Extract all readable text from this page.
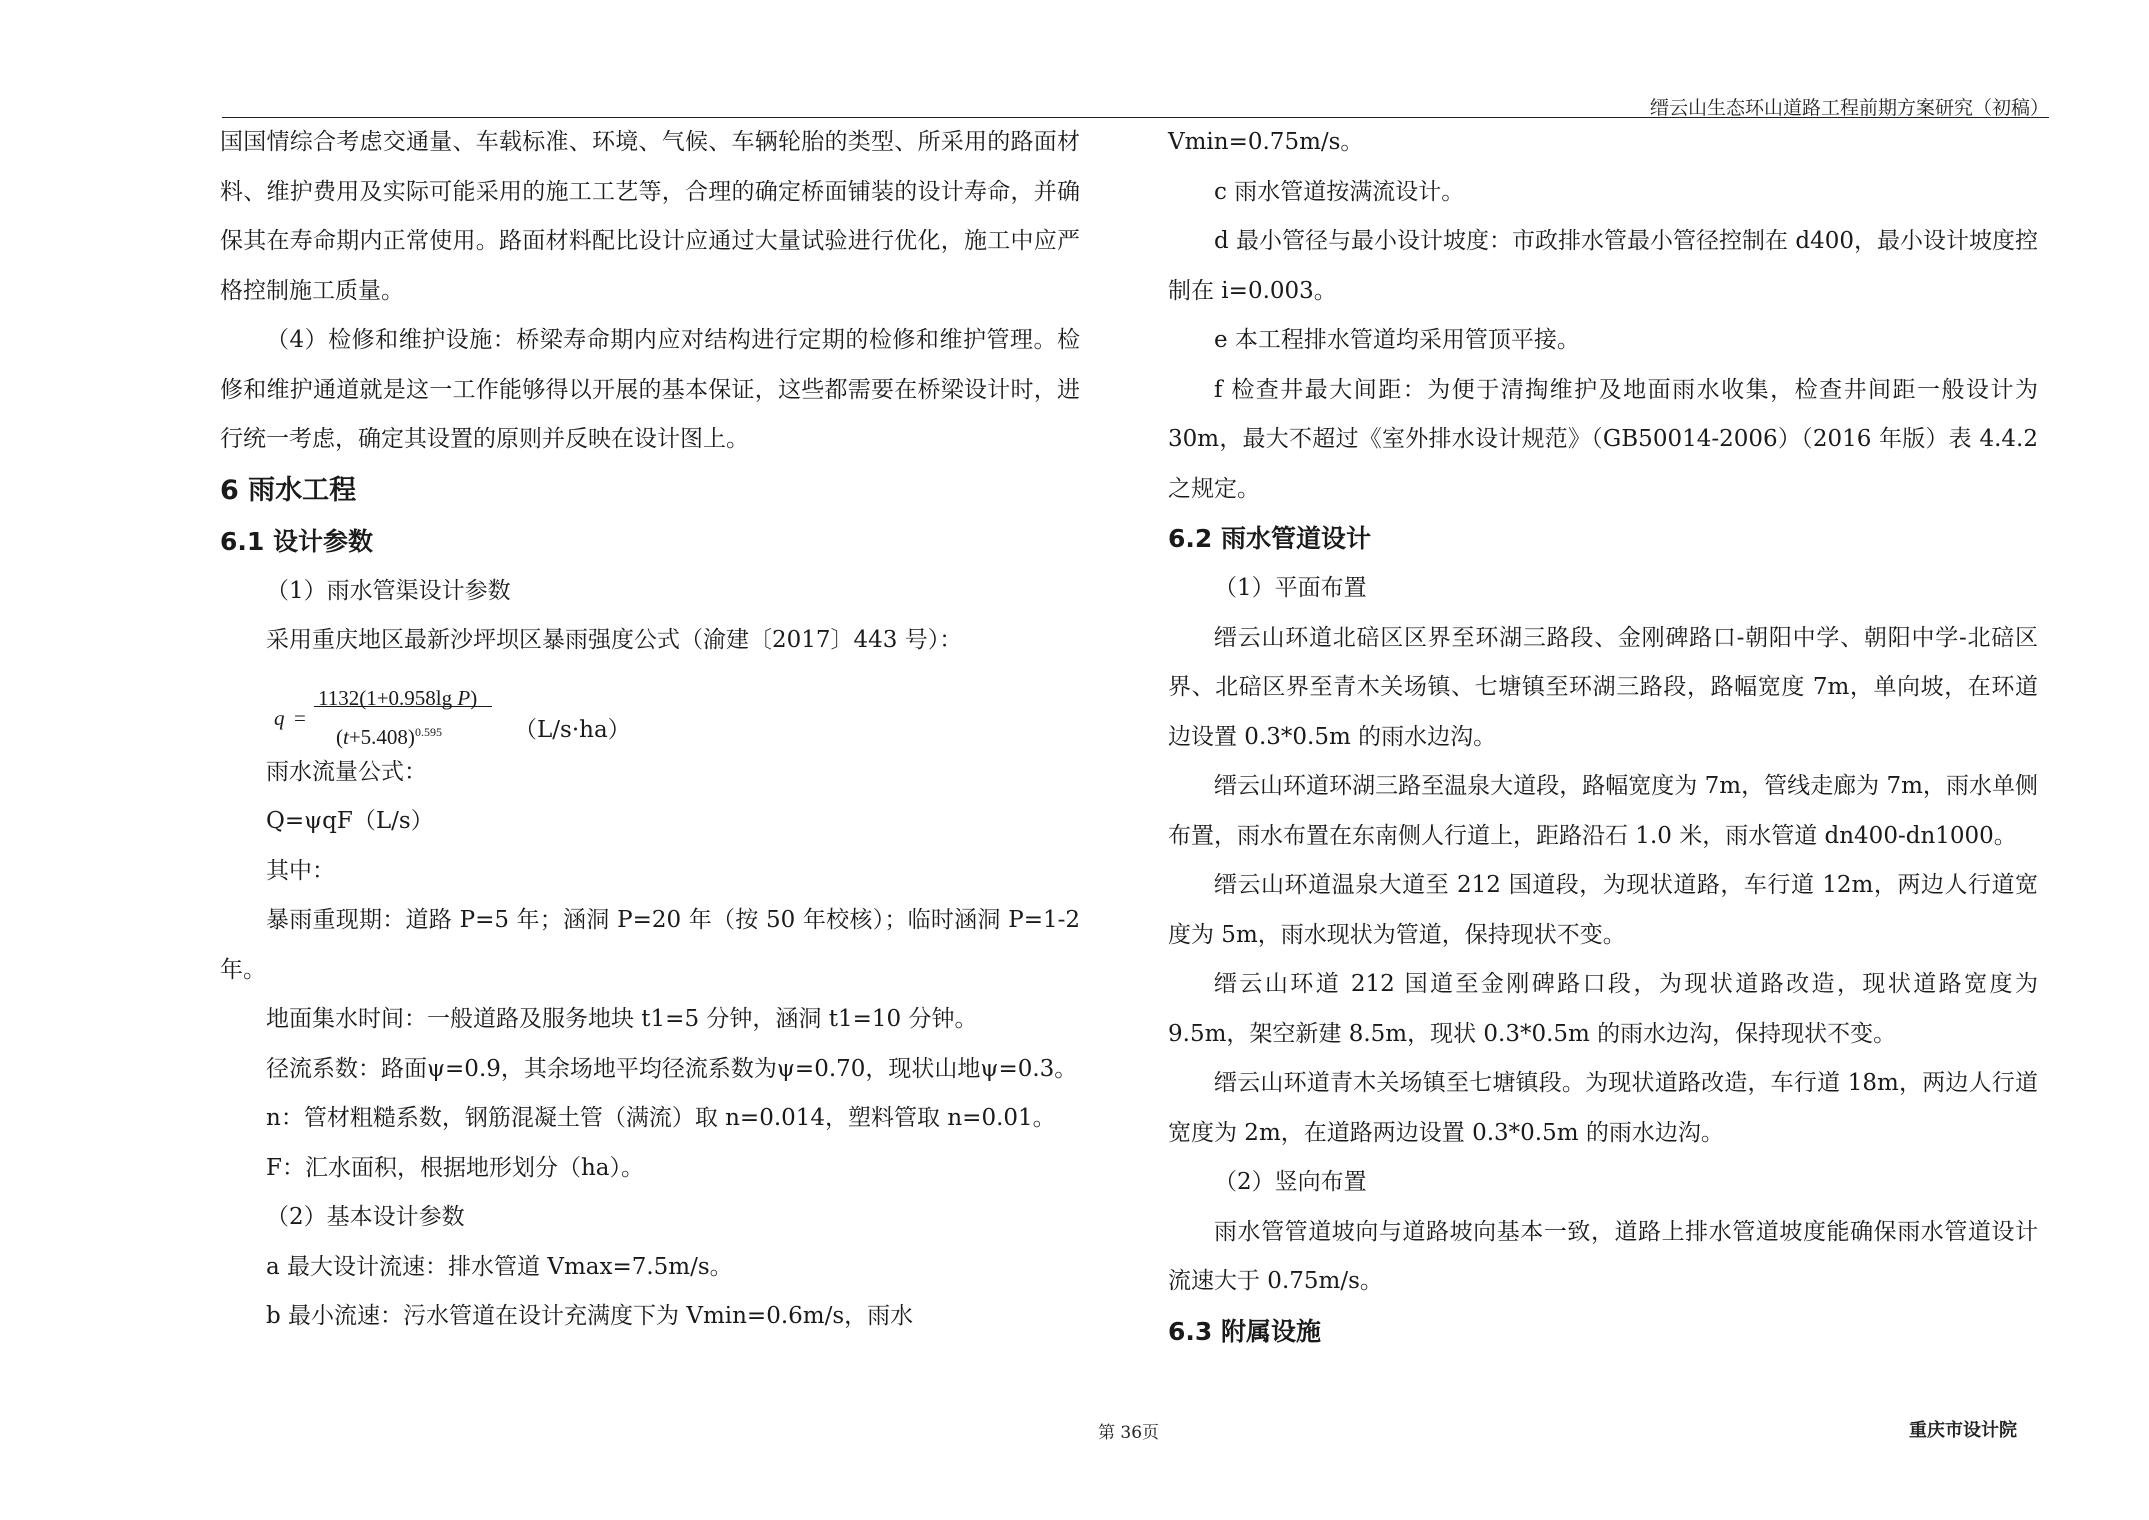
缙云山生态环山道路工程前期方案研究（初稿）

国国情综合考虑交通量、车载标准、环境、气候、车辆轮胎的类型、所采用的路面材料、维护费用及实际可能采用的施工工艺等，合理的确定桥面铺装的设计寿命，并确保其在寿命期内正常使用。路面材料配比设计应通过大量试验进行优化，施工中应严格控制施工质量。

（4）检修和维护设施：桥梁寿命期内应对结构进行定期的检修和维护管理。检修和维护通道就是这一工作能够得以开展的基本保证，这些都需要在桥梁设计时，进行统一考虑，确定其设置的原则并反映在设计图上。

6 雨水工程
6.1 设计参数

（1）雨水管渠设计参数

采用重庆地区最新沙坪坝区暴雨强度公式（渝建〔2017〕443 号）：

q =
1132(1+0.958lg P)
$(t+5.408)^{0.595}$	（L/s·ha）

雨水流量公式：

Q=ψqF（L/s）

其中：

暴雨重现期：道路 P=5 年；涵洞 P=20 年（按 50 年校核）；临时涵洞 P=1-2 年。

地面集水时间：一般道路及服务地块 t1=5 分钟，涵洞 t1=10 分钟。

径流系数：路面ψ=0.9，其余场地平均径流系数为ψ=0.70，现状山地ψ=0.3。

n：管材粗糙系数，钢筋混凝土管（满流）取 n=0.014，塑料管取 n=0.01。

F：汇水面积，根据地形划分（ha）。

（2）基本设计参数

a 最大设计流速：排水管道 Vmax=7.5m/s。

b 最小流速：污水管道在设计充满度下为 Vmin=0.6m/s，雨水

Vmin=0.75m/s。

c 雨水管道按满流设计。

d 最小管径与最小设计坡度：市政排水管最小管径控制在 d400，最小设计坡度控制在 i=0.003。

e 本工程排水管道均采用管顶平接。

f 检查井最大间距：为便于清掏维护及地面雨水收集，检查井间距一般设计为 30m，最大不超过《室外排水设计规范》（GB50014-2006）（2016 年版）表 4.4.2 之规定。

6.2 雨水管道设计

（1）平面布置

缙云山环道北碚区区界至环湖三路段、金刚碑路口-朝阳中学、朝阳中学-北碚区界、北碚区界至青木关场镇、七塘镇至环湖三路段，路幅宽度 7m，单向坡，在环道边设置 0.3*0.5m 的雨水边沟。

缙云山环道环湖三路至温泉大道段，路幅宽度为 7m，管线走廊为 7m，雨水单侧布置，雨水布置在东南侧人行道上，距路沿石 1.0 米，雨水管道 dn400-dn1000。

缙云山环道温泉大道至 212 国道段，为现状道路，车行道 12m，两边人行道宽度为 5m，雨水现状为管道，保持现状不变。

缙云山环道 212 国道至金刚碑路口段，为现状道路改造，现状道路宽度为 9.5m，架空新建 8.5m，现状 0.3*0.5m 的雨水边沟，保持现状不变。

缙云山环道青木关场镇至七塘镇段。为现状道路改造，车行道 18m，两边人行道宽度为 2m，在道路两边设置 0.3*0.5m 的雨水边沟。

（2）竖向布置

雨水管管道坡向与道路坡向基本一致，道路上排水管道坡度能确保雨水管道设计流速大于 0.75m/s。

6.3 附属设施
第 36页	重庆市设计院
